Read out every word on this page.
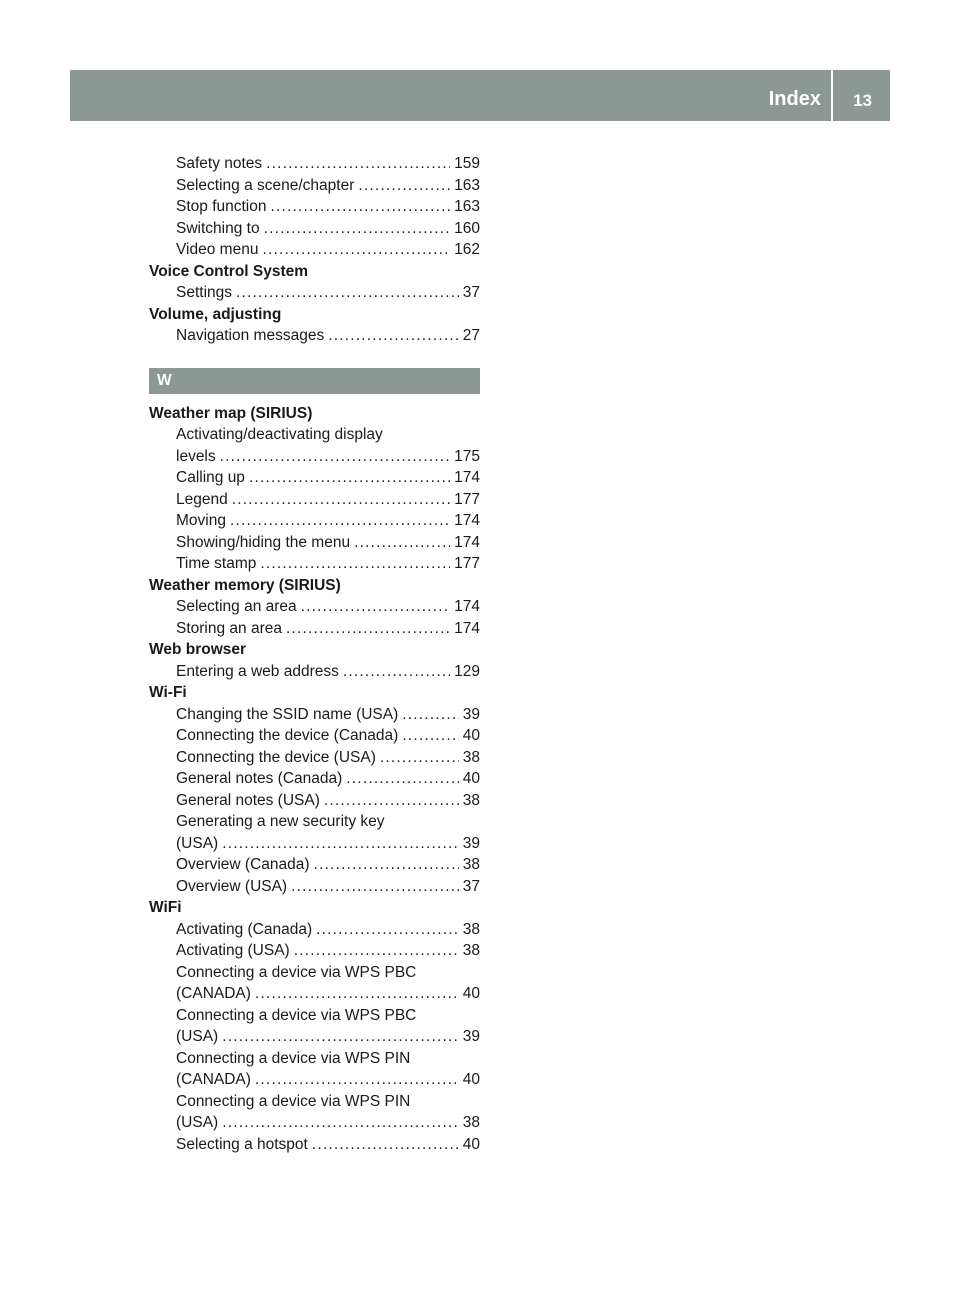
Index 13
Safety notes .....	159
Selecting a scene/chapter .....	163
Stop function .....	163
Switching to .....	160
Video menu .....	162
Voice Control System
Settings .....	37
Volume, adjusting
Navigation messages .....	27
W
Weather map (SIRIUS)
Activating/deactivating display
levels .....	175
Calling up .....	174
Legend .....	177
Moving .....	174
Showing/hiding the menu .....	174
Time stamp .....	177
Weather memory (SIRIUS)
Selecting an area .....	174
Storing an area .....	174
Web browser
Entering a web address .....	129
Wi-Fi
Changing the SSID name (USA) .....	39
Connecting the device (Canada) .....	40
Connecting the device (USA) .....	38
General notes (Canada) .....	40
General notes (USA) .....	38
Generating a new security key
(USA) .....	39
Overview (Canada) .....	38
Overview (USA) .....	37
WiFi
Activating (Canada) .....	38
Activating (USA) .....	38
Connecting a device via WPS PBC
(CANADA) .....	40
Connecting a device via WPS PBC
(USA) .....	39
Connecting a device via WPS PIN
(CANADA) .....	40
Connecting a device via WPS PIN
(USA) .....	38
Selecting a hotspot .....	40
